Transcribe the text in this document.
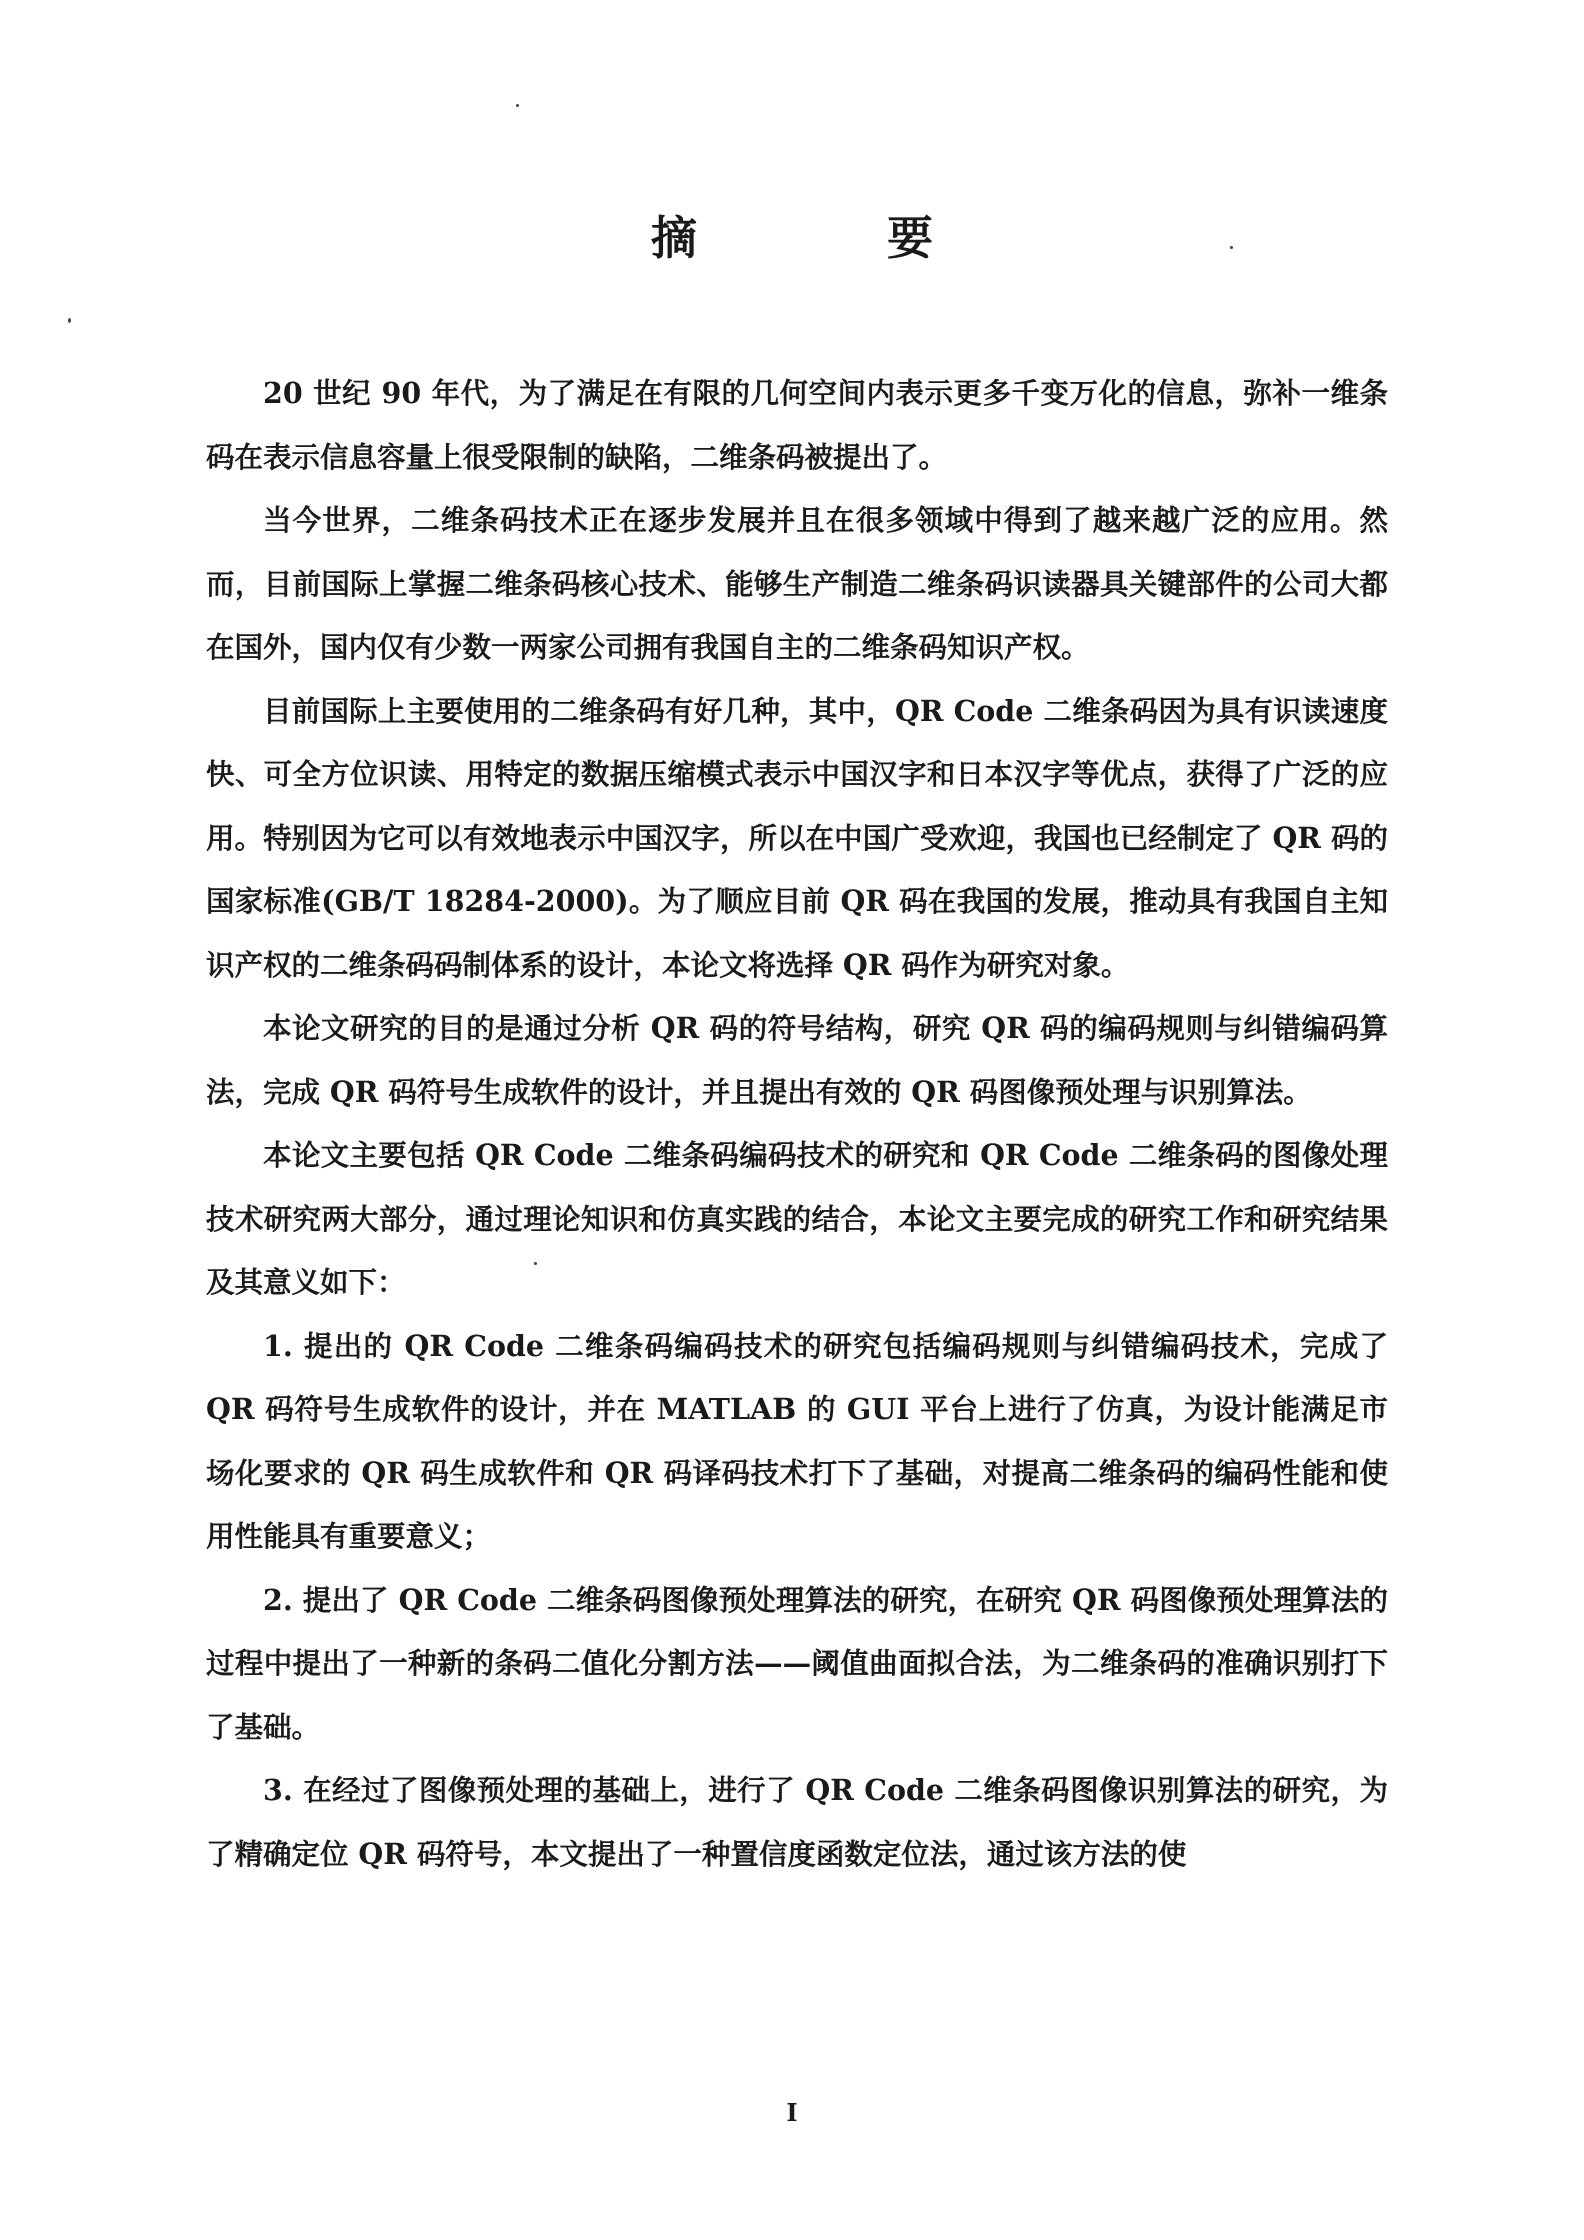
摘　要

20 世纪 90 年代，为了满足在有限的几何空间内表示更多千变万化的信息，弥补一维条码在表示信息容量上很受限制的缺陷，二维条码被提出了。

当今世界，二维条码技术正在逐步发展并且在很多领域中得到了越来越广泛的应用。然而，目前国际上掌握二维条码核心技术、能够生产制造二维条码识读器具关键部件的公司大都在国外，国内仅有少数一两家公司拥有我国自主的二维条码知识产权。

目前国际上主要使用的二维条码有好几种，其中，QR Code 二维条码因为具有识读速度快、可全方位识读、用特定的数据压缩模式表示中国汉字和日本汉字等优点，获得了广泛的应用。特别因为它可以有效地表示中国汉字，所以在中国广受欢迎，我国也已经制定了 QR 码的国家标准(GB/T 18284-2000)。为了顺应目前 QR 码在我国的发展，推动具有我国自主知识产权的二维条码码制体系的设计，本论文将选择 QR 码作为研究对象。

本论文研究的目的是通过分析 QR 码的符号结构，研究 QR 码的编码规则与纠错编码算法，完成 QR 码符号生成软件的设计，并且提出有效的 QR 码图像预处理与识别算法。

本论文主要包括 QR Code 二维条码编码技术的研究和 QR Code 二维条码的图像处理技术研究两大部分，通过理论知识和仿真实践的结合，本论文主要完成的研究工作和研究结果及其意义如下：

1. 提出的 QR Code 二维条码编码技术的研究包括编码规则与纠错编码技术，完成了 QR 码符号生成软件的设计，并在 MATLAB 的 GUI 平台上进行了仿真，为设计能满足市场化要求的 QR 码生成软件和 QR 码译码技术打下了基础，对提高二维条码的编码性能和使用性能具有重要意义；

2. 提出了 QR Code 二维条码图像预处理算法的研究，在研究 QR 码图像预处理算法的过程中提出了一种新的条码二值化分割方法——阈值曲面拟合法，为二维条码的准确识别打下了基础。

3. 在经过了图像预处理的基础上，进行了 QR Code 二维条码图像识别算法的研究，为了精确定位 QR 码符号，本文提出了一种置信度函数定位法，通过该方法的使

I
